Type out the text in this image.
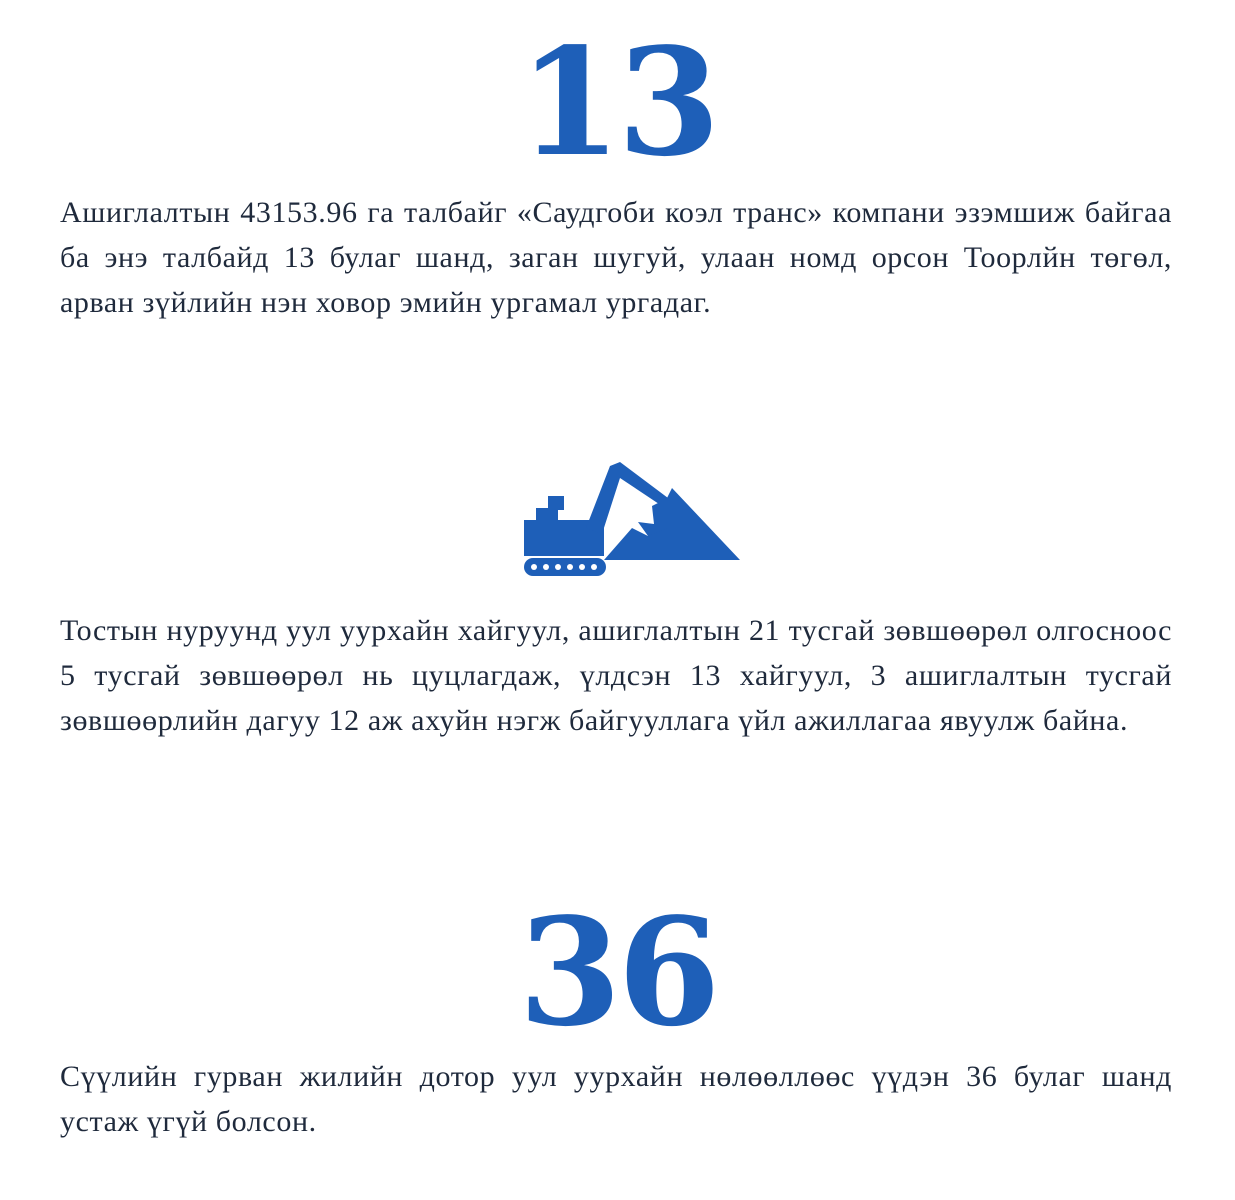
13

Ашиглалтын 43153.96 га талбайг «Саудгоби коэл транс» компани эзэмшиж байгаа ба энэ талбайд 13 булаг шанд, заган шугуй, улаан номд орсон Тоорлйн төгөл, арван зүйлийн нэн ховор эмийн ургамал ургадаг.

Тостын нуруунд уул уурхайн хайгуул, ашиглалтын 21 тусгай зөвшөөрөл олгосноос 5 тусгай зөвшөөрөл нь цуцлагдаж, үлдсэн 13 хайгуул, 3 ашиглалтын тусгай зөвшөөрлийн дагуу 12 аж ахуйн нэгж байгууллага үйл ажиллагаа явуулж байна.

36

Сүүлийн гурван жилийн дотор уул уурхайн нөлөөллөөс үүдэн 36 булаг шанд устаж үгүй болсон.
